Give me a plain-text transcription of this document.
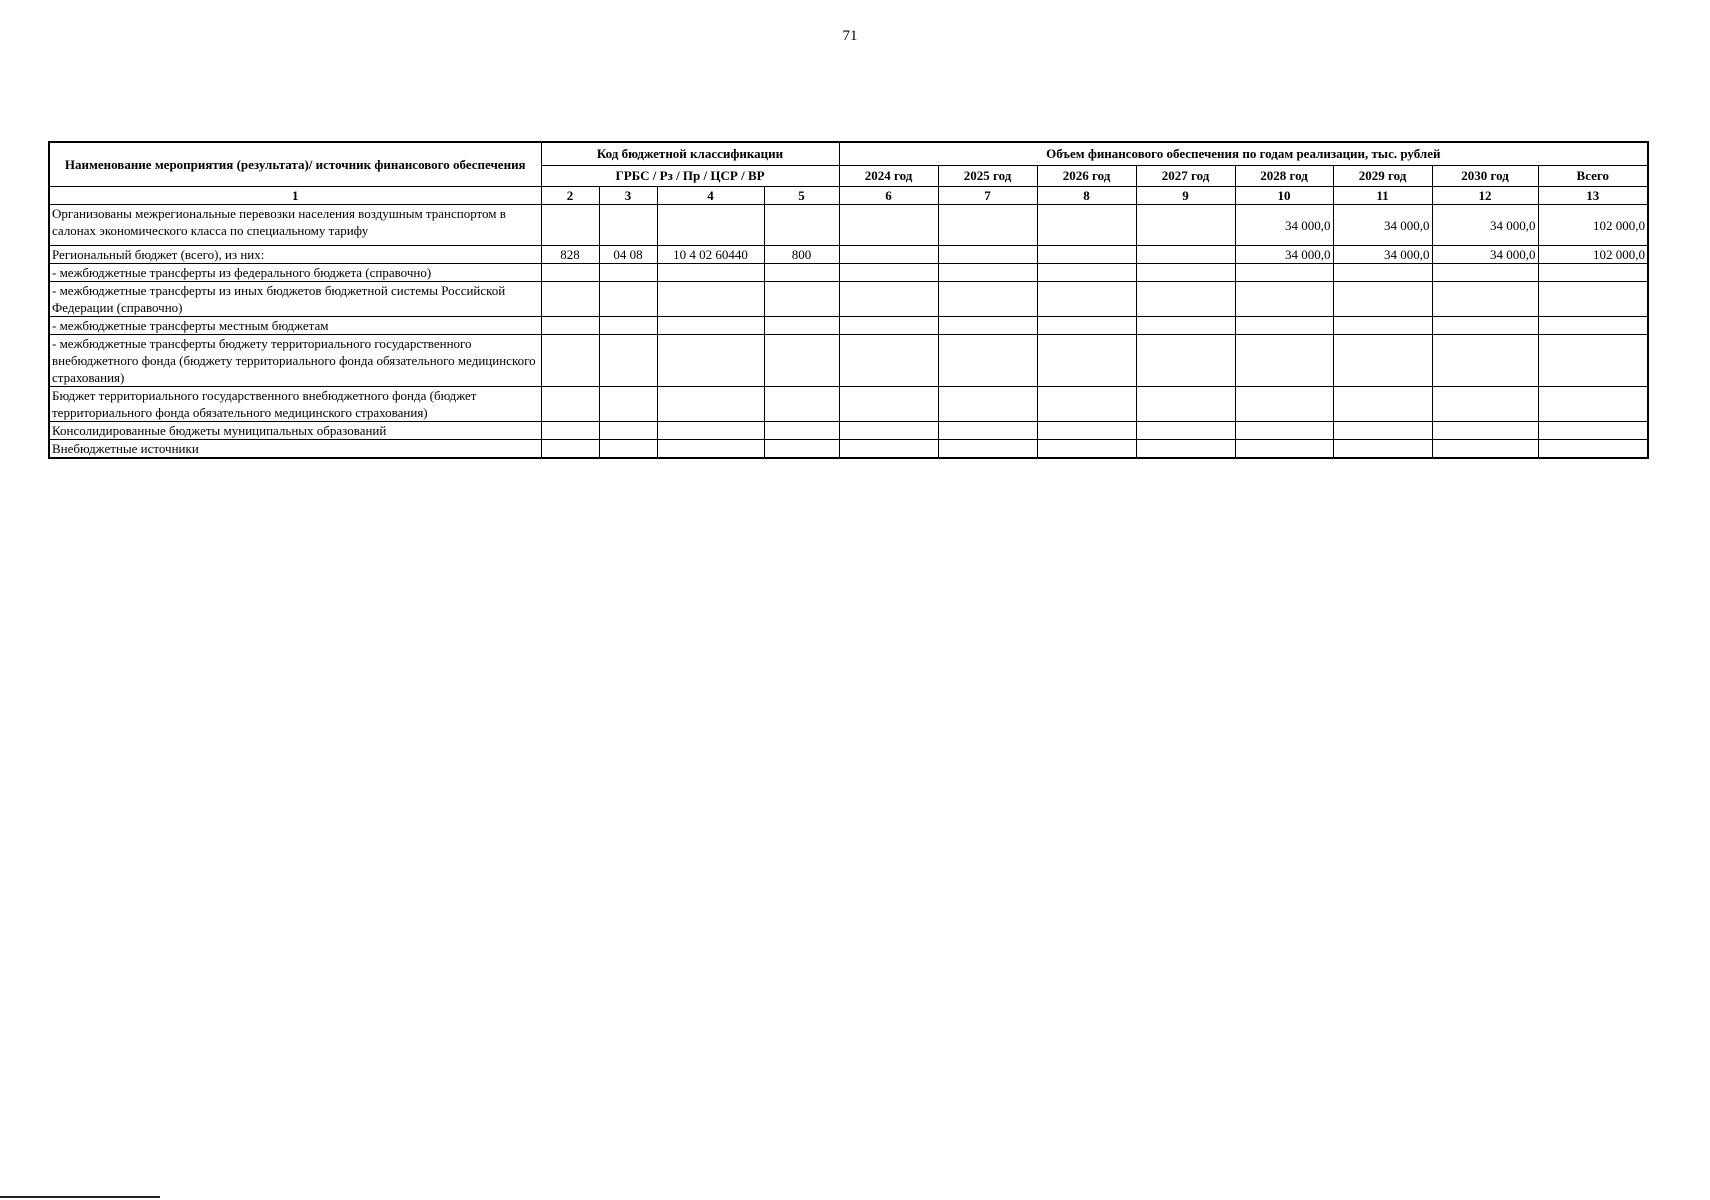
71
Наименование мероприятия (результата)/ источник финансового обеспечения	Код бюджетной классификации				Объем финансового обеспечения по годам реализации, тыс. рублей							
	ГРБС / Рз / Пр / ЦСР / ВР				2024 год	2025 год	2026 год	2027 год	2028 год	2029 год	2030 год	Всего
1	2	3	4	5	6	7	8	9	10	11	12	13
Организованы межрегиональные перевозки населения воздушным транспортом в салонах экономического класса по специальному тарифу									34 000,0	34 000,0	34 000,0	102 000,0
Региональный бюджет (всего), из них:	828	04 08	10 4 02 60440	800					34 000,0	34 000,0	34 000,0	102 000,0
- межбюджетные трансферты из федерального бюджета (справочно)												
- межбюджетные трансферты из иных бюджетов бюджетной системы Российской Федерации (справочно)												
- межбюджетные трансферты местным бюджетам												
- межбюджетные трансферты бюджету территориального государственного внебюджетного фонда (бюджету территориального фонда обязательного медицинского страхования)												
Бюджет территориального государственного внебюджетного фонда (бюджет территориального фонда обязательного медицинского страхования)												
Консолидированные бюджеты муниципальных образований												
Внебюджетные источники												
